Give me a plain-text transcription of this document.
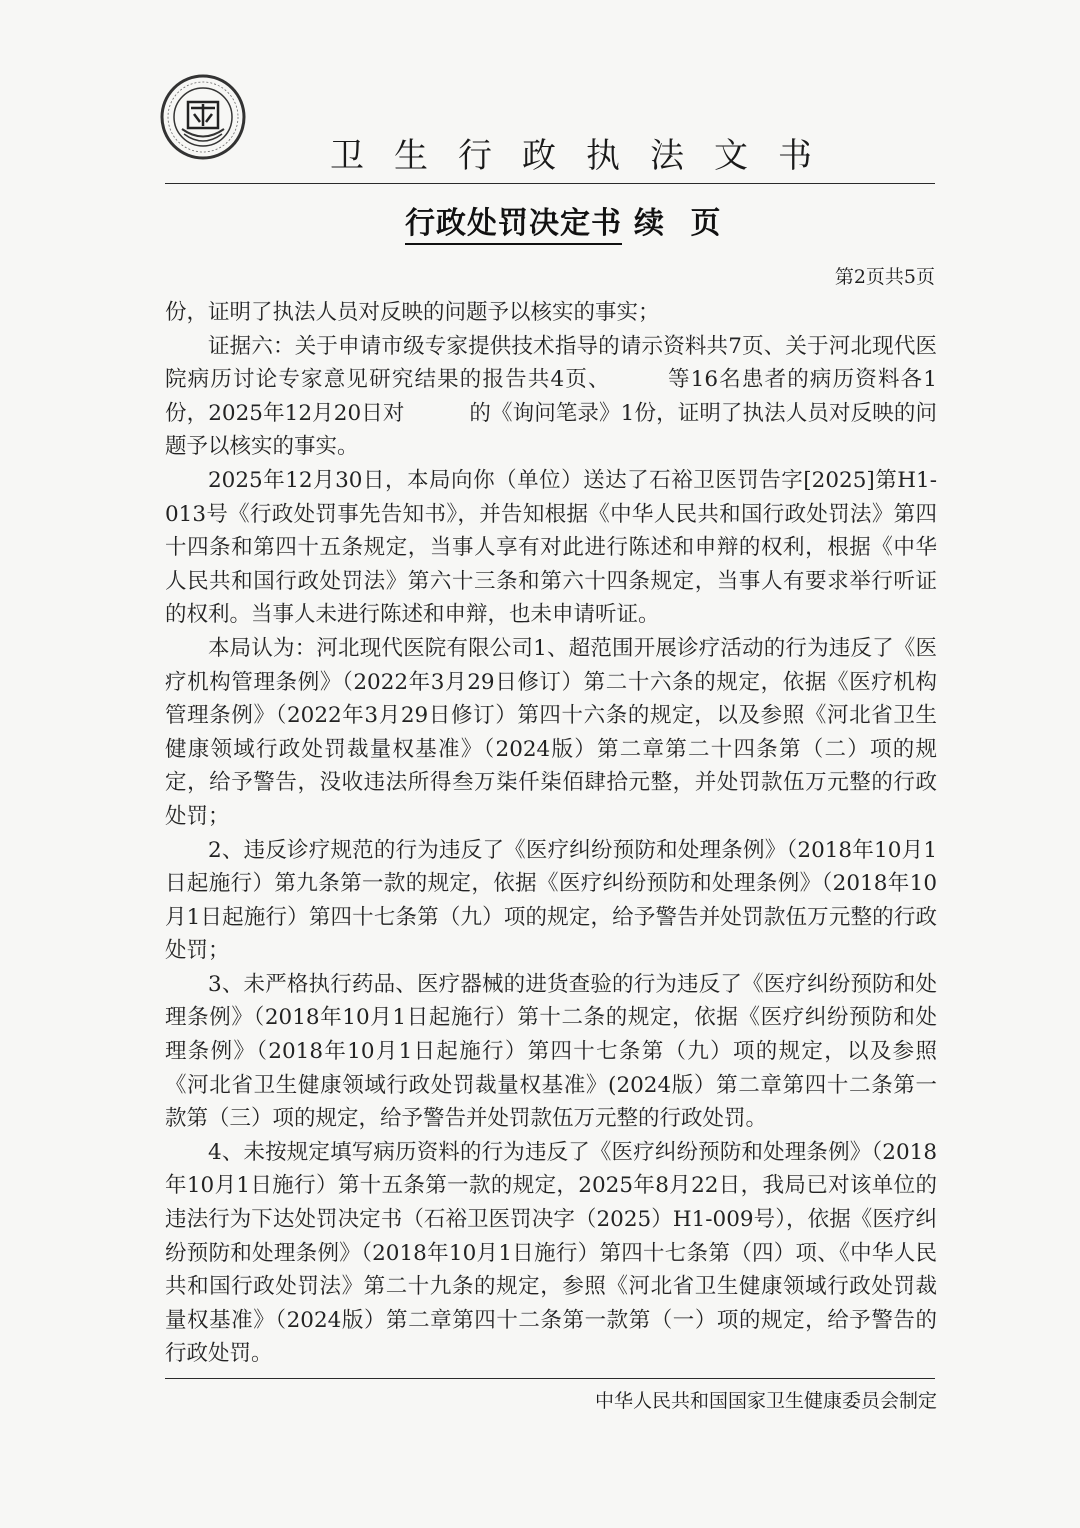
卫生行政执法文书
行政处罚决定书 续 页
第2页共5页

份，证明了执法人员对反映的问题予以核实的事实；

证据六：关于申请市级专家提供技术指导的请示资料共7页、关于河北现代医院病历讨论专家意见研究结果的报告共4页、　　　等16名患者的病历资料各1份，2025年12月20日对　　　的《询问笔录》1份，证明了执法人员对反映的问题予以核实的事实。

2025年12月30日，本局向你（单位）送达了石裕卫医罚告字[2025]第H1-013号《行政处罚事先告知书》，并告知根据《中华人民共和国行政处罚法》第四十四条和第四十五条规定，当事人享有对此进行陈述和申辩的权利，根据《中华人民共和国行政处罚法》第六十三条和第六十四条规定，当事人有要求举行听证的权利。当事人未进行陈述和申辩，也未申请听证。

本局认为：河北现代医院有限公司1、超范围开展诊疗活动的行为违反了《医疗机构管理条例》（2022年3月29日修订）第二十六条的规定，依据《医疗机构管理条例》（2022年3月29日修订）第四十六条的规定，以及参照《河北省卫生健康领域行政处罚裁量权基准》（2024版）第二章第二十四条第（二）项的规定，给予警告，没收违法所得叁万柒仟柒佰肆拾元整，并处罚款伍万元整的行政处罚；

2、违反诊疗规范的行为违反了《医疗纠纷预防和处理条例》（2018年10月1日起施行）第九条第一款的规定，依据《医疗纠纷预防和处理条例》（2018年10月1日起施行）第四十七条第（九）项的规定，给予警告并处罚款伍万元整的行政处罚；

3、未严格执行药品、医疗器械的进货查验的行为违反了《医疗纠纷预防和处理条例》（2018年10月1日起施行）第十二条的规定，依据《医疗纠纷预防和处理条例》（2018年10月1日起施行）第四十七条第（九）项的规定，以及参照《河北省卫生健康领域行政处罚裁量权基准》(2024版）第二章第四十二条第一款第（三）项的规定，给予警告并处罚款伍万元整的行政处罚。

4、未按规定填写病历资料的行为违反了《医疗纠纷预防和处理条例》（2018年10月1日施行）第十五条第一款的规定，2025年8月22日，我局已对该单位的违法行为下达处罚决定书（石裕卫医罚决字（2025）H1-009号），依据《医疗纠纷预防和处理条例》（2018年10月1日施行）第四十七条第（四）项、《中华人民共和国行政处罚法》第二十九条的规定，参照《河北省卫生健康领域行政处罚裁量权基准》（2024版）第二章第四十二条第一款第（一）项的规定，给予警告的行政处罚。

中华人民共和国国家卫生健康委员会制定
